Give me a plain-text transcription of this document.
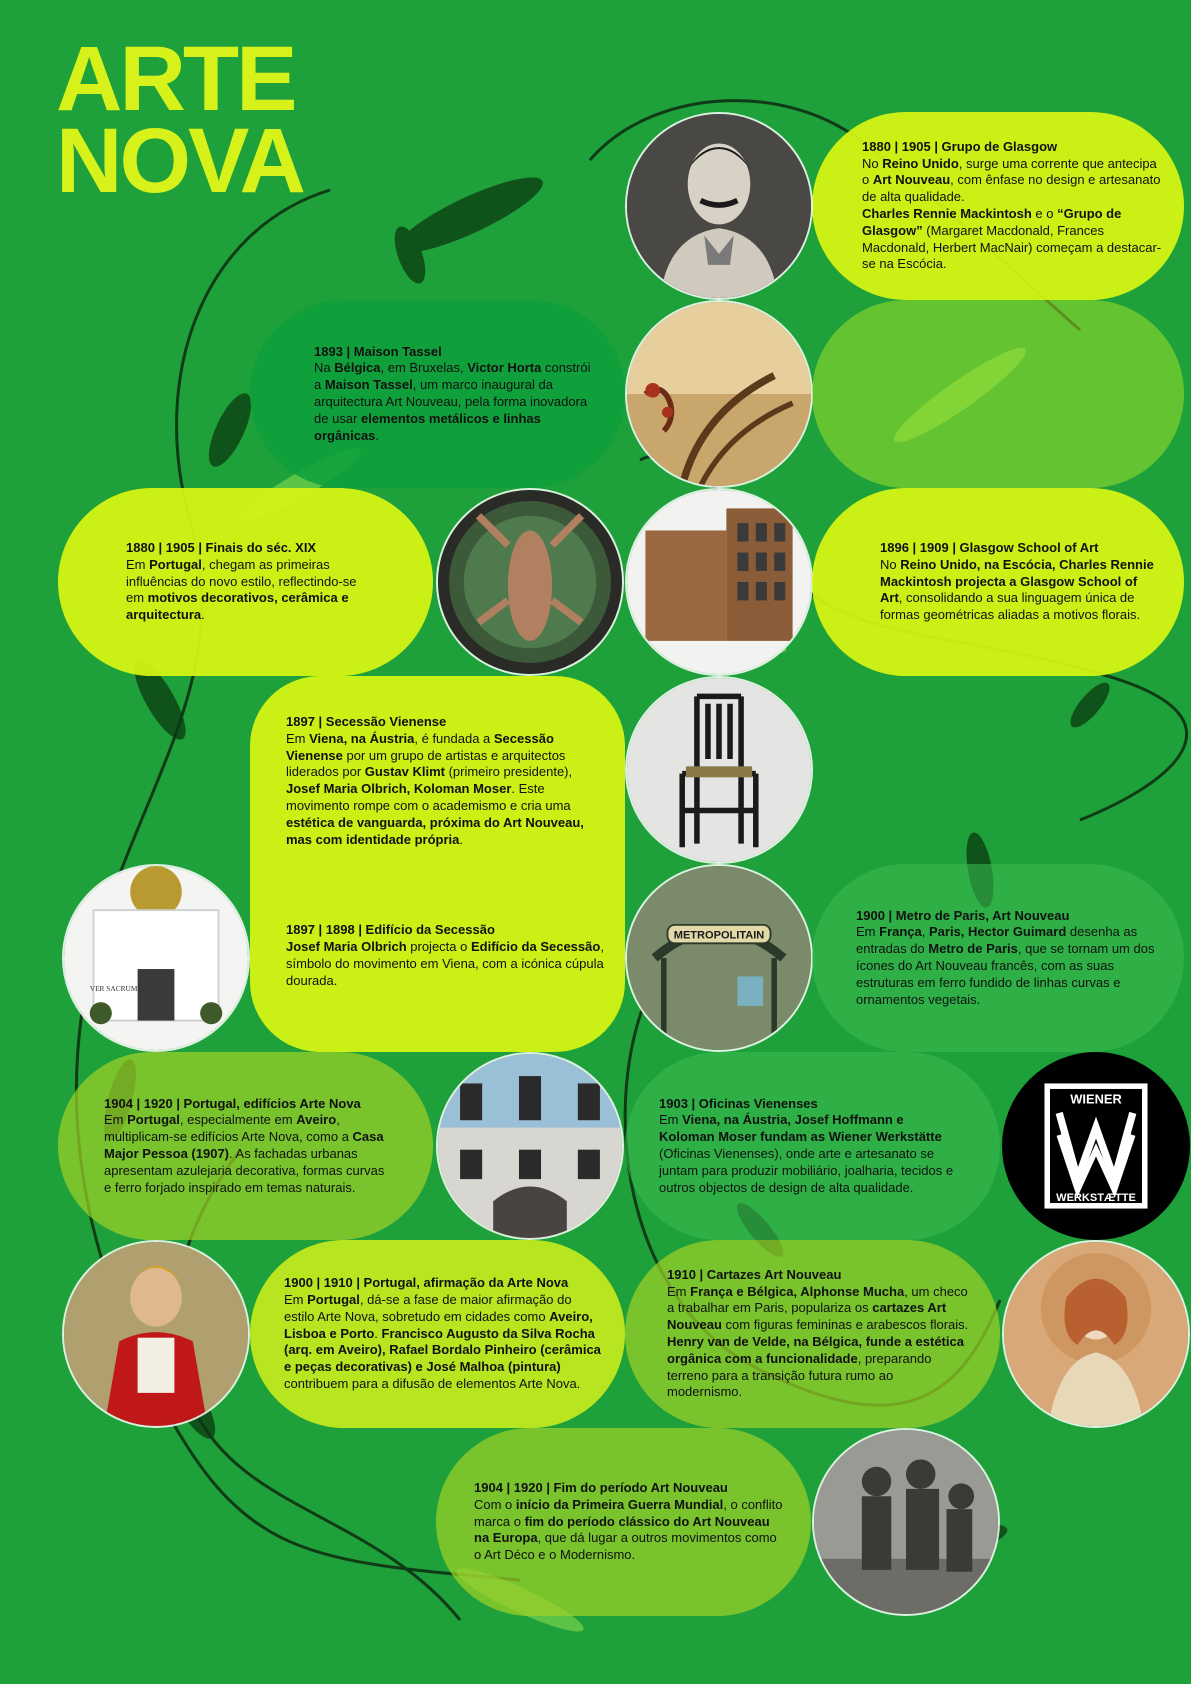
ARTE
NOVA	1880 | 1905 | Grupo de Glasgow
No Reino Unido, surge uma corrente que antecipa o Art Nouveau, com ênfase no design e artesanato de alta qualidade.
Charles Rennie Mackintosh e o “Grupo de Glasgow” (Margaret Macdonald, Frances Macdonald, Herbert MacNair) começam a destacar-se na Escócia.
1893 | Maison Tassel
Na Bélgica, em Bruxelas, Victor Horta constrói a Maison Tassel, um marco inaugural da arquitectura Art Nouveau, pela forma inovadora de usar elementos metálicos e linhas orgânicas.
1880 | 1905 | Finais do séc. XIX
Em Portugal, chegam as primeiras influências do novo estilo, reflectindo-se em motivos decorativos, cerâmica e arquitectura.
1896 | 1909 | Glasgow School of Art
No Reino Unido, na Escócia, Charles Rennie Mackintosh projecta a Glasgow School of Art, consolidando a sua linguagem única de formas geométricas aliadas a motivos florais.
1897 | Secessão Vienense
Em Viena, na Áustria, é fundada a Secessão Vienense por um grupo de artistas e arquitectos liderados por Gustav Klimt (primeiro presidente), Josef Maria Olbrich, Koloman Moser. Este movimento rompe com o academismo e cria uma estética de vanguarda, próxima do Art Nouveau, mas com identidade própria.
1897 | 1898 | Edifício da Secessão
Josef Maria Olbrich projecta o Edifício da Secessão, símbolo do movimento em Viena, com a icónica cúpula dourada.
VER SACRUM
METROPOLITAIN
1900 | Metro de Paris, Art Nouveau
Em França, Paris, Hector Guimard desenha as entradas do Metro de Paris, que se tornam um dos ícones do Art Nouveau francês, com as suas estruturas em ferro fundido de linhas curvas e ornamentos vegetais.
1904 | 1920 | Portugal, edifícios Arte Nova
Em Portugal, especialmente em Aveiro, multiplicam-se edifícios Arte Nova, como a Casa Major Pessoa (1907). As fachadas urbanas apresentam azulejaria decorativa, formas curvas e ferro forjado inspirado em temas naturais.
1903 | Oficinas Vienenses
Em Viena, na Áustria, Josef Hoffmann e Koloman Moser fundam as Wiener Werkstätte (Oficinas Vienenses), onde arte e artesanato se juntam para produzir mobiliário, joalharia, tecidos e outros objectos de design de alta qualidade.
WIENER
WERKSTÆTTE
1900 | 1910 | Portugal, afirmação da Arte Nova
Em Portugal, dá-se a fase de maior afirmação do estilo Arte Nova, sobretudo em cidades como Aveiro, Lisboa e Porto. Francisco Augusto da Silva Rocha (arq. em Aveiro), Rafael Bordalo Pinheiro (cerâmica e peças decorativas) e José Malhoa (pintura) contribuem para a difusão de elementos Arte Nova.
1910 | Cartazes Art Nouveau
Em França e Bélgica, Alphonse Mucha, um checo a trabalhar em Paris, populariza os cartazes Art Nouveau com figuras femininas e arabescos florais. Henry van de Velde, na Bélgica, funde a estética orgânica com a funcionalidade, preparando terreno para a transição futura rumo ao modernismo.
1904 | 1920 | Fim do período Art Nouveau
Com o início da Primeira Guerra Mundial, o conflito marca o fim do período clássico do Art Nouveau na Europa, que dá lugar a outros movimentos como o Art Déco e o Modernismo.
